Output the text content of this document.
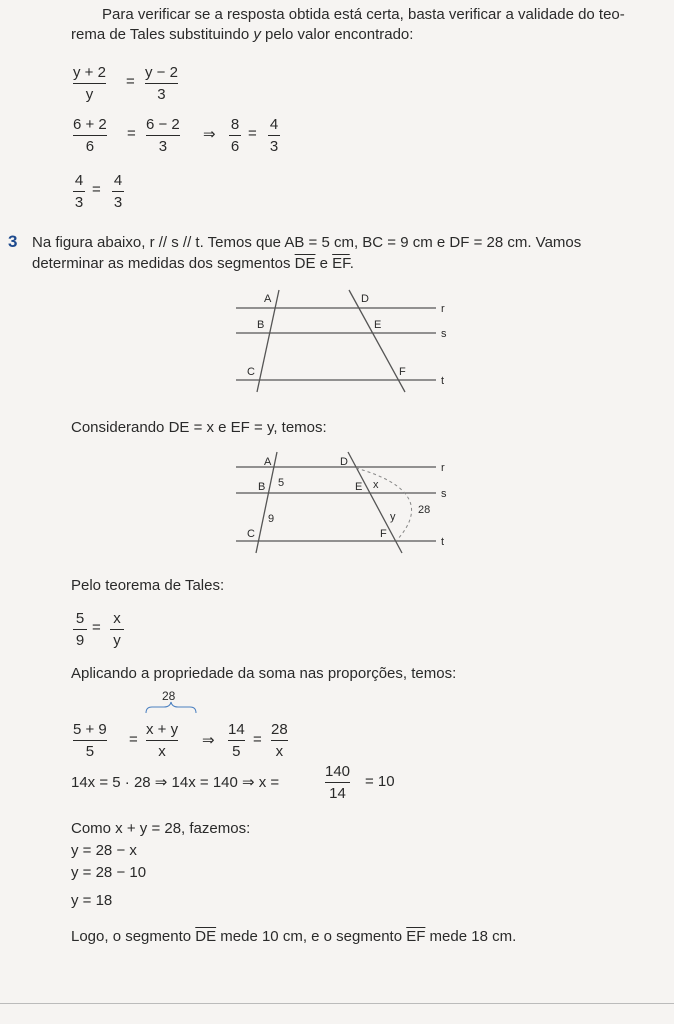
Para verificar se a resposta obtida está certa, basta verificar a validade do teo-
rema de Tales substituindo y pelo valor encontrado:
y + 2
y
=
y − 2
3
6 + 2
6
=
6 − 2
3
⇒
8
6
=
4
3
4
3
=
4
3
3 Na figura abaixo, r // s // t. Temos que AB = 5 cm, BC = 9 cm e DF = 28 cm. Vamos
determinar as medidas dos segmentos $\overline{DE}$ e $\overline{EF}$.
A
B
C
D
E
F
r
s
t
A
B
C
D
E
F
r
s
t
5
9
x
y
28
Considerando DE = x e EF = y, temos:
Pelo teorema de Tales:
5
9
=
x
y
Aplicando a propriedade da soma nas proporções, temos:
28
5 + 9
5
=
x + y
x
⇒
14
5
=
28
x
14x = 5 · 28 ⇒ 14x = 140 ⇒ x =
140
14
= 10
Como x + y = 28, fazemos:
y = 28 − x
y = 28 − 10
y = 18
Logo, o segmento $\overline{DE}$ mede 10 cm, e o segmento $\overline{EF}$ mede 18 cm.
